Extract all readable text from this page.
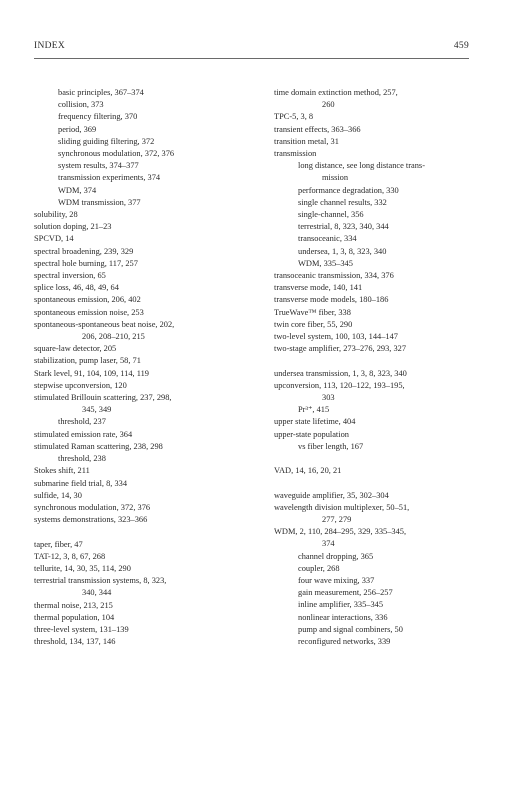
INDEX	459
basic principles, 367–374
collision, 373
frequency filtering, 370
period, 369
sliding guiding filtering, 372
synchronous modulation, 372, 376
system results, 374–377
transmission experiments, 374
WDM, 374
WDM transmission, 377
solubility, 28
solution doping, 21–23
SPCVD, 14
spectral broadening, 239, 329
spectral hole burning, 117, 257
spectral inversion, 65
splice loss, 46, 48, 49, 64
spontaneous emission, 206, 402
spontaneous emission noise, 253
spontaneous-spontaneous beat noise, 202,
206, 208–210, 215
square-law detector, 205
stabilization, pump laser, 58, 71
Stark level, 91, 104, 109, 114, 119
stepwise upconversion, 120
stimulated Brillouin scattering, 237, 298,
345, 349
threshold, 237
stimulated emission rate, 364
stimulated Raman scattering, 238, 298
threshold, 238
Stokes shift, 211
submarine field trial, 8, 334
sulfide, 14, 30
synchronous modulation, 372, 376
systems demonstrations, 323–366
taper, fiber, 47
TAT-12, 3, 8, 67, 268
tellurite, 14, 30, 35, 114, 290
terrestrial transmission systems, 8, 323,
340, 344
thermal noise, 213, 215
thermal population, 104
three-level system, 131–139
threshold, 134, 137, 146
time domain extinction method, 257,
260
TPC-5, 3, 8
transient effects, 363–366
transition metal, 31
transmission
long distance, see long distance trans-
mission
performance degradation, 330
single channel results, 332
single-channel, 356
terrestrial, 8, 323, 340, 344
transoceanic, 334
undersea, 1, 3, 8, 323, 340
WDM, 335–345
transoceanic transmission, 334, 376
transverse mode, 140, 141
transverse mode models, 180–186
TrueWave™ fiber, 338
twin core fiber, 55, 290
two-level system, 100, 103, 144–147
two-stage amplifier, 273–276, 293, 327
undersea transmission, 1, 3, 8, 323, 340
upconversion, 113, 120–122, 193–195,
303
Pr³⁺, 415
upper state lifetime, 404
upper-state population
vs fiber length, 167
VAD, 14, 16, 20, 21
waveguide amplifier, 35, 302–304
wavelength division multiplexer, 50–51,
277, 279
WDM, 2, 110, 284–295, 329, 335–345,
374
channel dropping, 365
coupler, 268
four wave mixing, 337
gain measurement, 256–257
inline amplifier, 335–345
nonlinear interactions, 336
pump and signal combiners, 50
reconfigured networks, 339
